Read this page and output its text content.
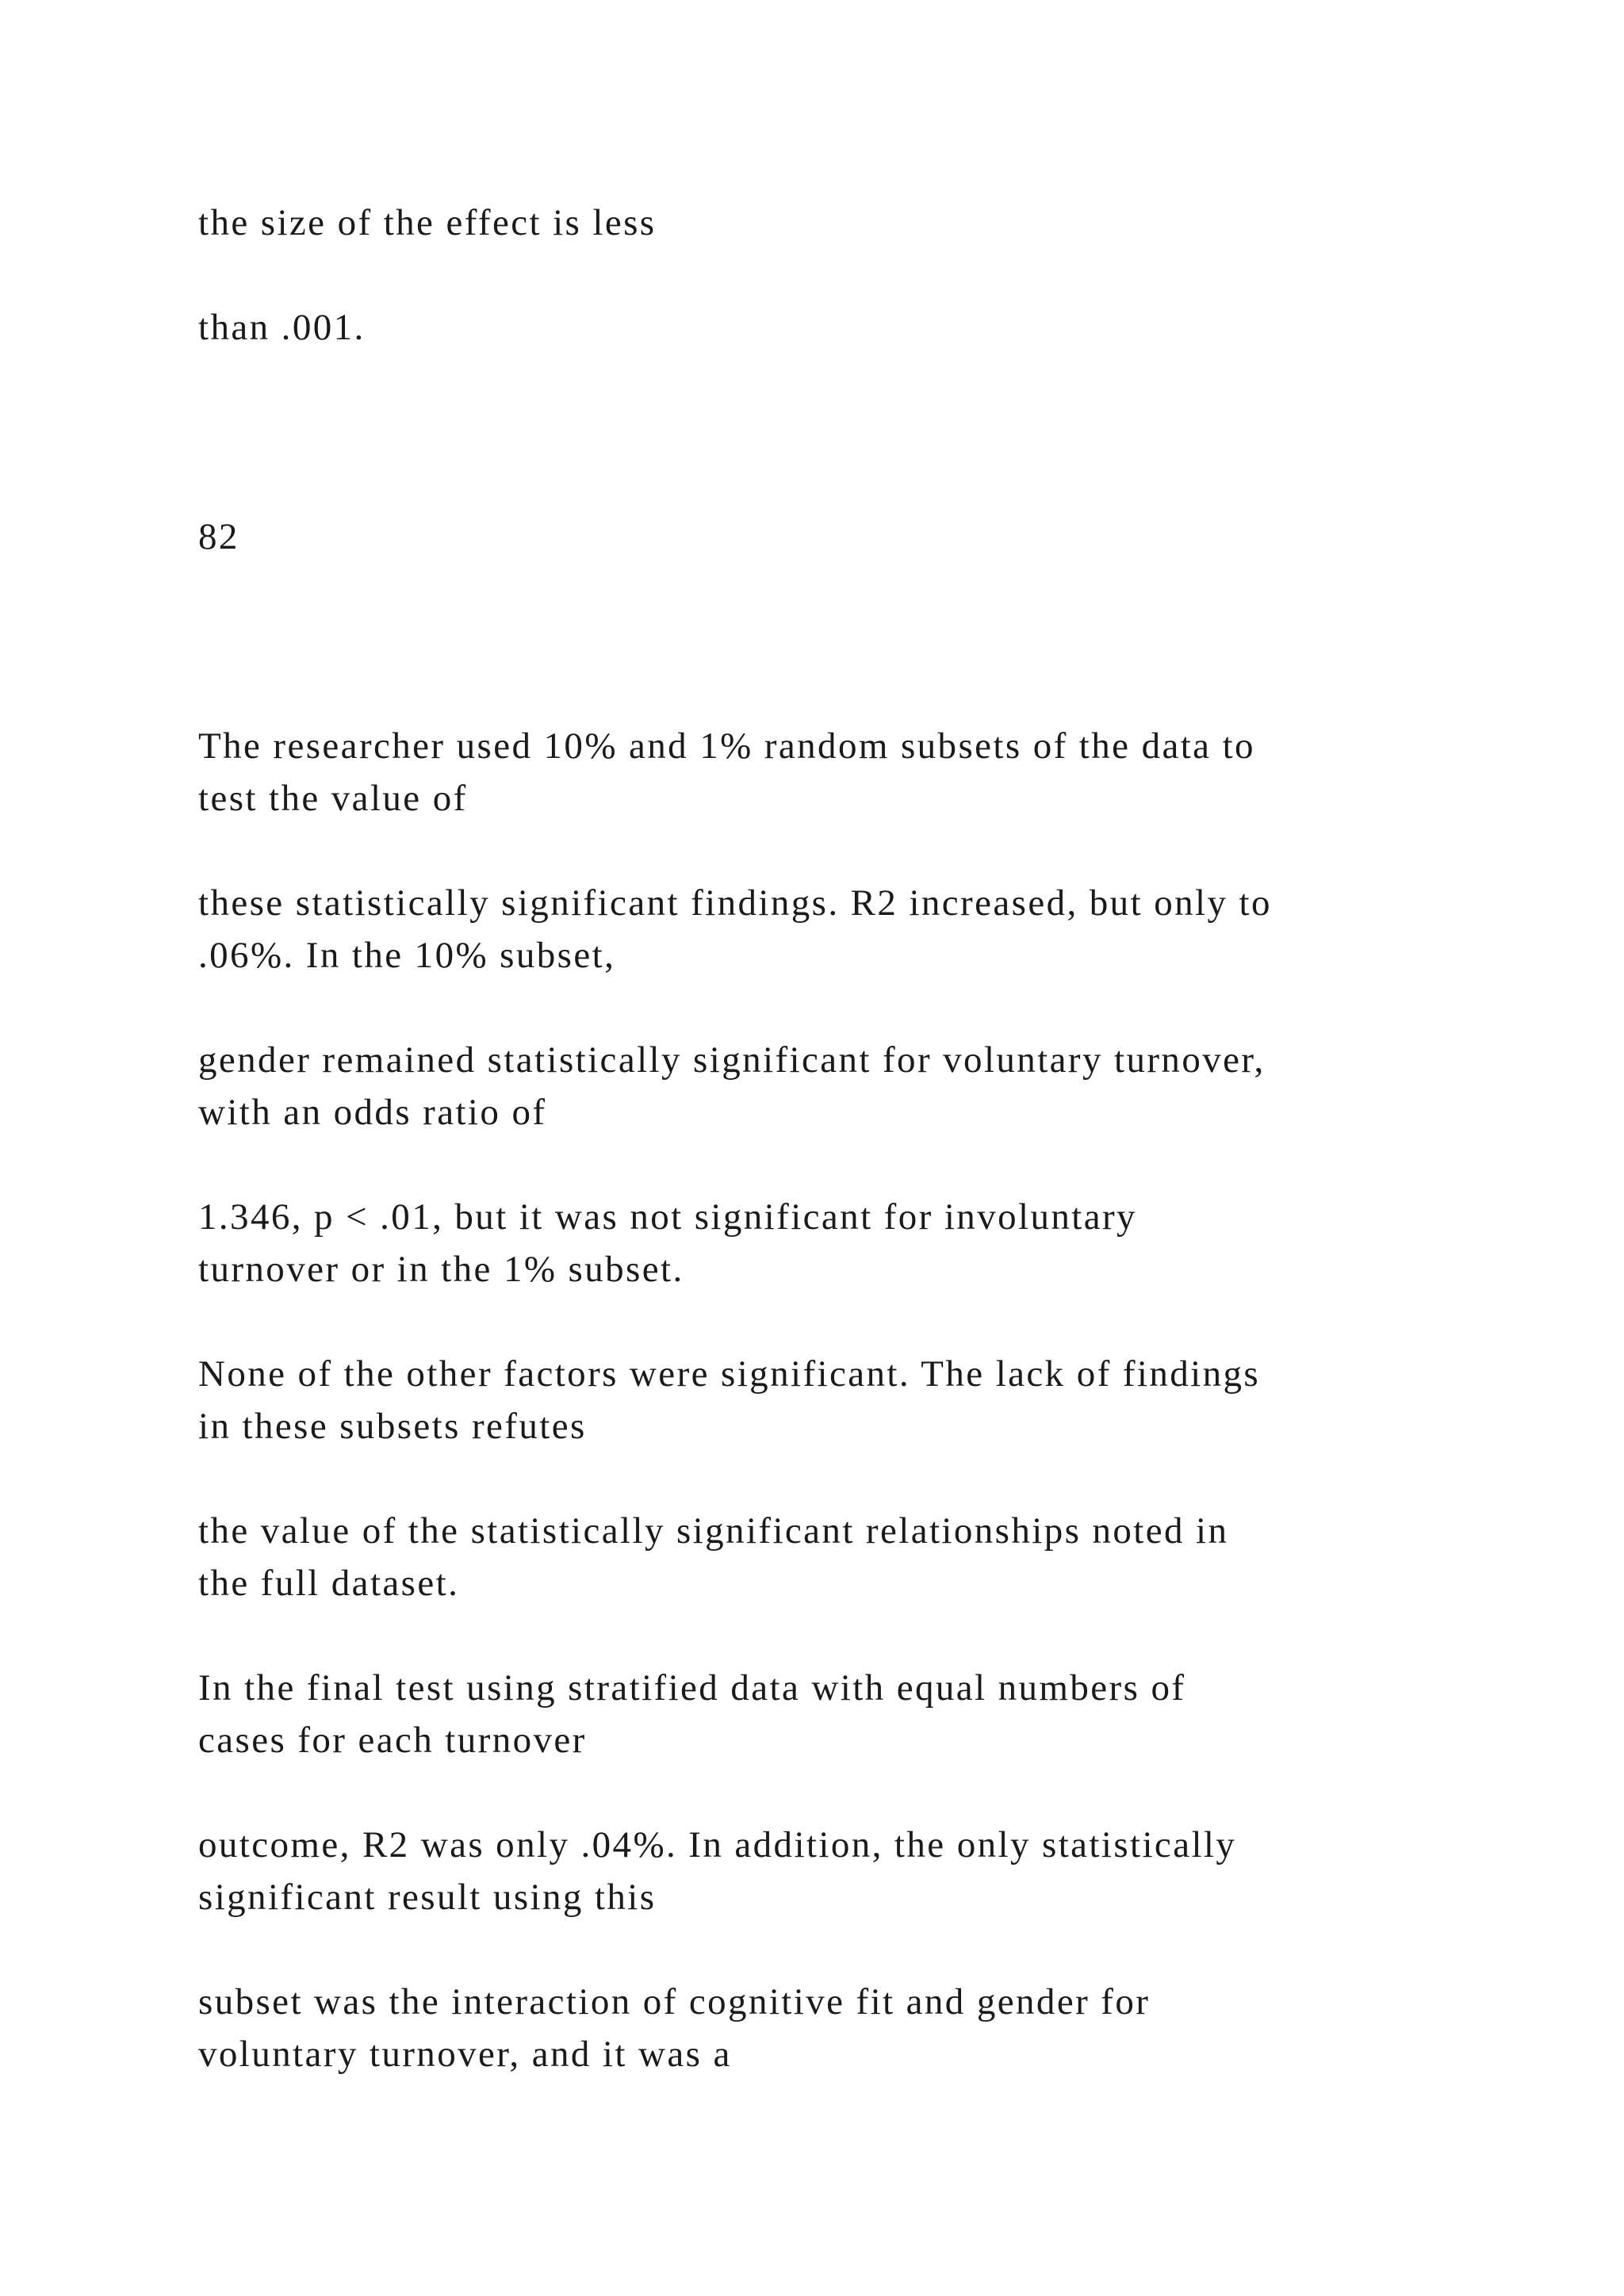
the size of the effect is less

than .001.

82

The researcher used 10% and 1% random subsets of the data to
test the value of

these statistically significant findings. R2 increased, but only to
.06%. In the 10% subset,

gender remained statistically significant for voluntary turnover,
with an odds ratio of

1.346, p < .01, but it was not significant for involuntary
turnover or in the 1% subset.

None of the other factors were significant. The lack of findings
in these subsets refutes

the value of the statistically significant relationships noted in
the full dataset.

In the final test using stratified data with equal numbers of
cases for each turnover

outcome, R2 was only .04%. In addition, the only statistically
significant result using this

subset was the interaction of cognitive fit and gender for
voluntary turnover, and it was a
